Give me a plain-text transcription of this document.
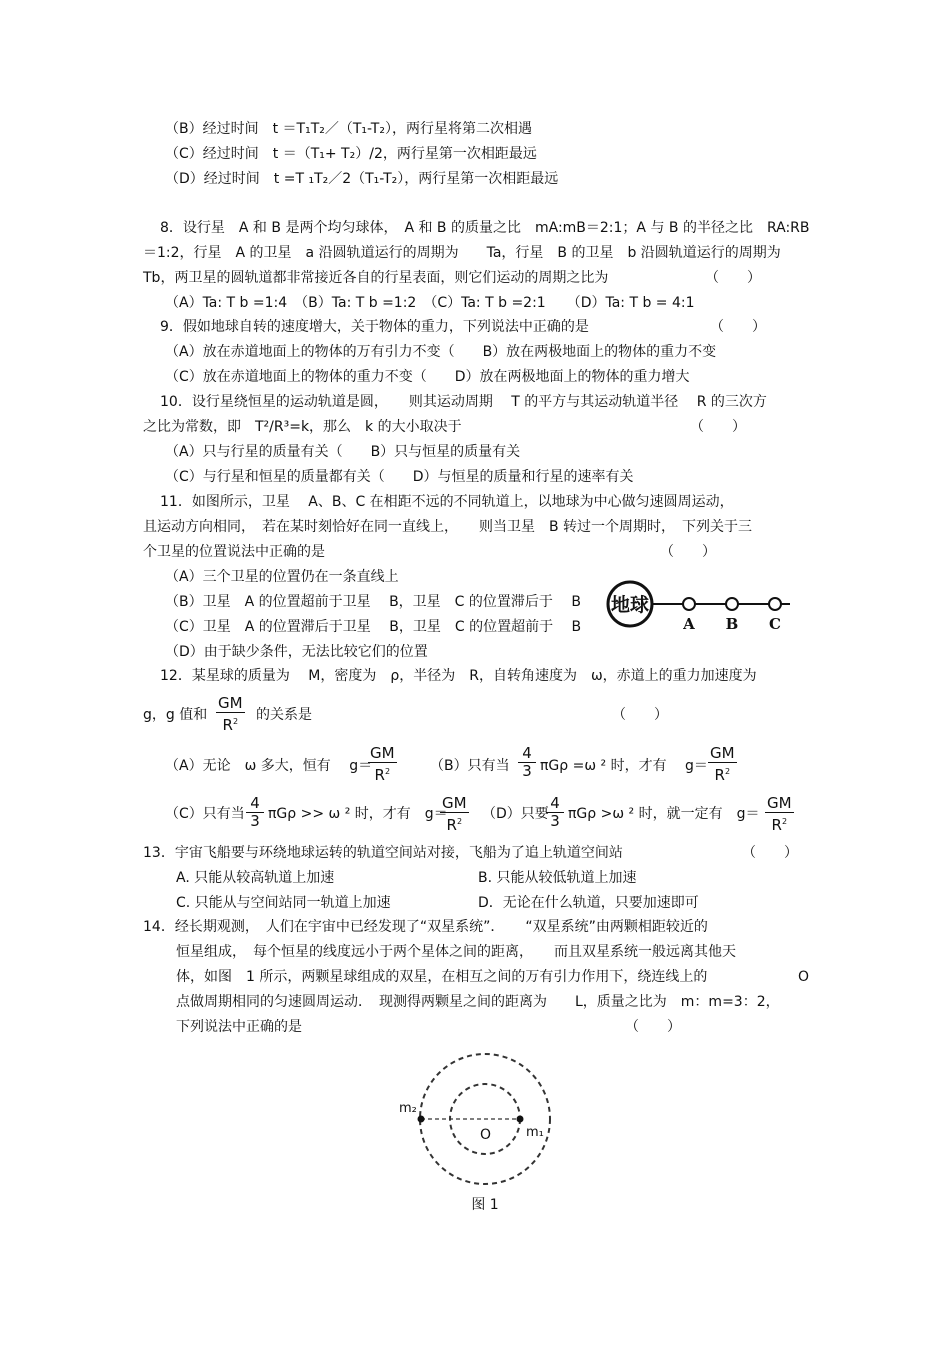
（B）经过时间　t ＝T₁T₂／（T₁-T₂），两行星将第二次相遇
（C）经过时间　t ＝（T₁+ T₂）/2，两行星第一次相距最远
（D）经过时间　t =T ₁T₂／2（T₁-T₂），两行星第一次相距最远
8．设行星　A 和 B 是两个均匀球体，　A 和 B 的质量之比　mA:mB＝2:1；A 与 B 的半径之比　RA:RB
＝1:2，行星　A 的卫星　a 沿圆轨道运行的周期为　　Ta，行星　B 的卫星　b 沿圆轨道运行的周期为
Tb，两卫星的圆轨道都非常接近各自的行星表面，则它们运动的周期之比为	（　　）
（A）Ta: T b =1:4　（B）Ta: T b =1:2　（C）Ta: T b =2:1　　（D）Ta: T b = 4:1
9．假如地球自转的速度增大，关于物体的重力，下列说法中正确的是	（　　）
（A）放在赤道地面上的物体的万有引力不变（　　B）放在两极地面上的物体的重力不变
（C）放在赤道地面上的物体的重力不变（　　D）放在两极地面上的物体的重力增大
10．设行星绕恒星的运动轨道是圆，　　则其运动周期　 T 的平方与其运动轨道半径　 R 的三次方
之比为常数，即　T²/R³=k，那么　k 的大小取决于	（　　）
（A）只与行星的质量有关（　　B）只与恒星的质量有关
（C）与行星和恒星的质量都有关（　　D）与恒星的质量和行星的速率有关
11．如图所示，卫星　 A、B、C 在相距不远的不同轨道上，以地球为中心做匀速圆周运动，
且运动方向相同，　若在某时刻恰好在同一直线上，　　则当卫星　B 转过一个周期时，　下列关于三
个卫星的位置说法中正确的是	（　　）
（A）三个卫星的位置仍在一条直线上
（B）卫星　A 的位置超前于卫星　 B，卫星　C 的位置滞后于　 B
（C）卫星　A 的位置滞后于卫星　 B，卫星　C 的位置超前于　 B
（D）由于缺少条件，无法比较它们的位置
地球
A B C
12．某星球的质量为　 M，密度为　ρ，半径为　R，自转角速度为　ω，赤道上的重力加速度为
g，g 值和
GM
$R^2$	的关系是	（　　）
（A）无论　ω 多大，恒有　 g＝
GM
$R^2$	（B）只有当
4
3 πGρ =ω ² 时，才有　 g＝
GM
$R^2$
（C）只有当
4
3 πGρ >> ω ² 时，才有　g＝
GM
$R^2$	（D）只要
4
3 πGρ >ω ² 时，就一定有　g＝
GM
$R^2$
13．宇宙飞船要与环绕地球运转的轨道空间站对接，飞船为了追上轨道空间站	（　　）
A. 只能从较高轨道上加速	B. 只能从较低轨道上加速
C. 只能从与空间站同一轨道上加速	D．无论在什么轨道，只要加速即可
14．经长期观测，　人们在宇宙中已经发现了“双星系统”．　　“双星系统”由两颗相距较近的
恒星组成，　每个恒星的线度远小于两个星体之间的距离，　　而且双星系统一般远离其他天
体，如图　1 所示，两颗星球组成的双星，在相互之间的万有引力作用下，绕连线上的	O
点做周期相同的匀速圆周运动．　现测得两颗星之间的距离为　　L，质量之比为　m：m=3：2，
下列说法中正确的是	（　　）
m₂
m₁
O
图 1
